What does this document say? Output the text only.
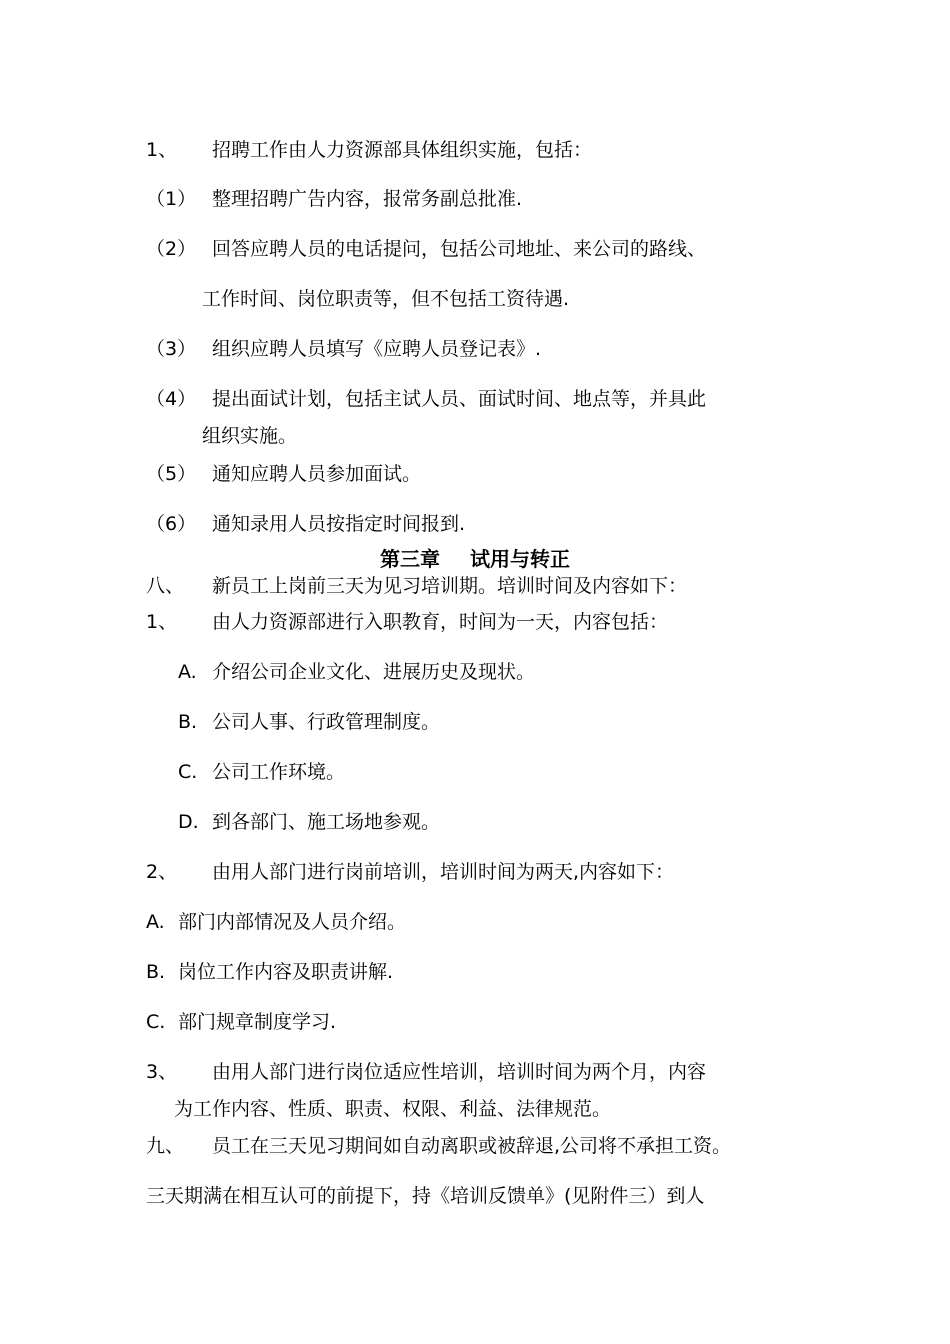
1、 招聘工作由人力资源部具体组织实施，包括：
（1） 整理招聘广告内容，报常务副总批准.
（2） 回答应聘人员的电话提问，包括公司地址、来公司的路线、
工作时间、岗位职责等，但不包括工资待遇.
（3） 组织应聘人员填写《应聘人员登记表》.
（4） 提出面试计划，包括主试人员、面试时间、地点等，并具此
组织实施。
（5） 通知应聘人员参加面试。
（6） 通知录用人员按指定时间报到.
第三章 试用与转正
八、 新员工上岗前三天为见习培训期。培训时间及内容如下：
1、 由人力资源部进行入职教育，时间为一天，内容包括：
A. 介绍公司企业文化、进展历史及现状。
B. 公司人事、行政管理制度。
C. 公司工作环境。
D. 到各部门、施工场地参观。
2、 由用人部门进行岗前培训，培训时间为两天,内容如下：
A. 部门内部情况及人员介绍。
B. 岗位工作内容及职责讲解.
C. 部门规章制度学习.
3、 由用人部门进行岗位适应性培训，培训时间为两个月，内容
为工作内容、性质、职责、权限、利益、法律规范。
九、 员工在三天见习期间如自动离职或被辞退,公司将不承担工资。
三天期满在相互认可的前提下，持《培训反馈单》(见附件三）到人
